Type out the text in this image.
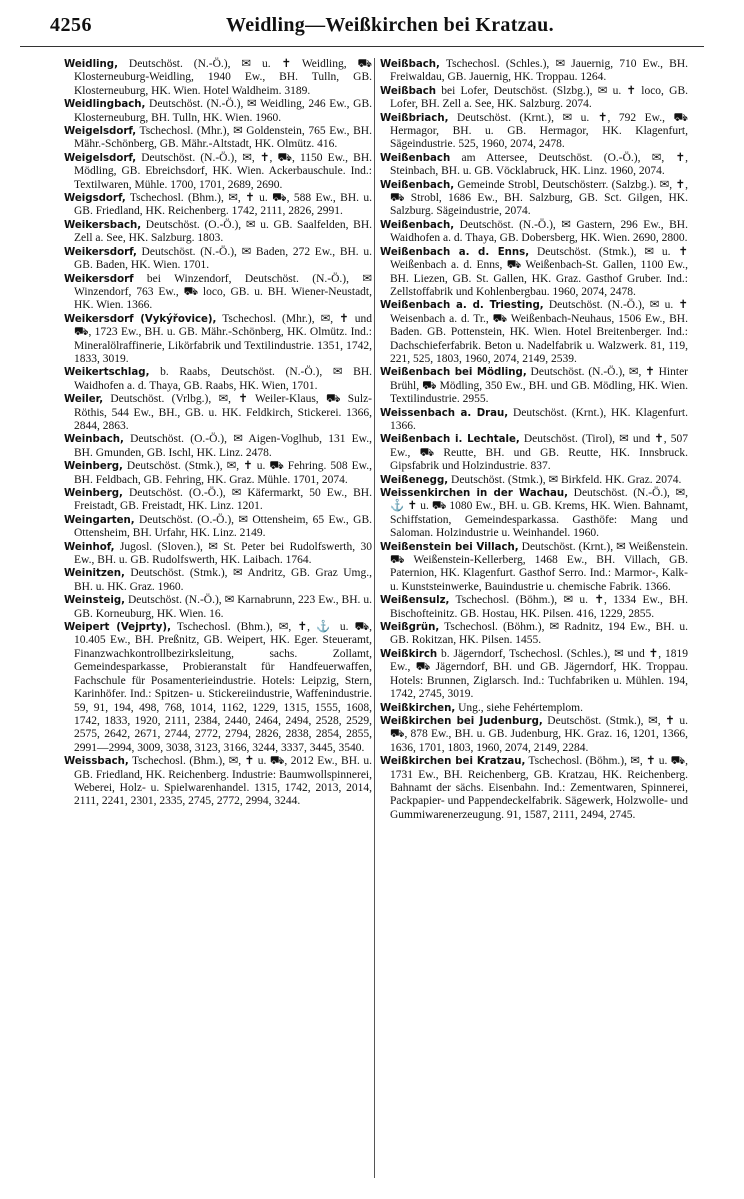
4256	Weidling—Weißkirchen bei Kratzau.

Weidling, Deutschöst. (N.-Ö.), ✉ u. ✝ Weidling, ⛟ Klosterneuburg-Weidling, 1940 Ew., BH. Tulln, GB. Klosterneuburg, HK. Wien. Hotel Waldheim. 3189.

Weidlingbach, Deutschöst. (N.-Ö.), ✉ Weidling, 246 Ew., GB. Klosterneuburg, BH. Tulln, HK. Wien. 1960.

Weigelsdorf, Tschechosl. (Mhr.), ✉ Goldenstein, 765 Ew., BH. Mähr.-Schönberg, GB. Mähr.-Altstadt, HK. Olmütz. 416.

Weigelsdorf, Deutschöst. (N.-Ö.), ✉, ✝, ⛟, 1150 Ew., BH. Mödling, GB. Ebreichsdorf, HK. Wien. Ackerbauschule. Ind.: Textilwaren, Mühle. 1700, 1701, 2689, 2690.

Weigsdorf, Tschechosl. (Bhm.), ✉, ✝ u. ⛟, 588 Ew., BH. u. GB. Friedland, HK. Reichenberg. 1742, 2111, 2826, 2991.

Weikersbach, Deutschöst. (O.-Ö.), ✉ u. GB. Saalfelden, BH. Zell a. See, HK. Salzburg. 1803.

Weikersdorf, Deutschöst. (N.-Ö.), ✉ Baden, 272 Ew., BH. u. GB. Baden, HK. Wien. 1701.

Weikersdorf bei Winzendorf, Deutschöst. (N.-Ö.), ✉ Winzendorf, 763 Ew., ⛟ loco, GB. u. BH. Wiener-Neustadt, HK. Wien. 1366.

Weikersdorf (Vykýřovice), Tschechosl. (Mhr.), ✉, ✝ und ⛟, 1723 Ew., BH. u. GB. Mähr.-Schönberg, HK. Olmütz. Ind.: Mineralölraffinerie, Likörfabrik und Textilindustrie. 1351, 1742, 1833, 3019.

Weikertschlag, b. Raabs, Deutschöst. (N.-Ö.), ✉ BH. Waidhofen a. d. Thaya, GB. Raabs, HK. Wien, 1701.

Weiler, Deutschöst. (Vrlbg.), ✉, ✝ Weiler-Klaus, ⛟ Sulz-Röthis, 544 Ew., BH., GB. u. HK. Feldkirch, Stickerei. 1366, 2844, 2863.

Weinbach, Deutschöst. (O.-Ö.), ✉ Aigen-Voglhub, 131 Ew., BH. Gmunden, GB. Ischl, HK. Linz. 2478.

Weinberg, Deutschöst. (Stmk.), ✉, ✝ u. ⛟ Fehring. 508 Ew., BH. Feldbach, GB. Fehring, HK. Graz. Mühle. 1701, 2074.

Weinberg, Deutschöst. (O.-Ö.), ✉ Käfermarkt, 50 Ew., BH. Freistadt, GB. Freistadt, HK. Linz. 1201.

Weingarten, Deutschöst. (O.-Ö.), ✉ Ottensheim, 65 Ew., GB. Ottensheim, BH. Urfahr, HK. Linz. 2149.

Weinhof, Jugosl. (Sloven.), ✉ St. Peter bei Rudolfswerth, 30 Ew., BH. u. GB. Rudolfswerth, HK. Laibach. 1764.

Weinitzen, Deutschöst. (Stmk.), ✉ Andritz, GB. Graz Umg., BH. u. HK. Graz. 1960.

Weinsteig, Deutschöst. (N.-Ö.), ✉ Karnabrunn, 223 Ew., BH. u. GB. Korneuburg, HK. Wien. 16.

Weipert (Vejprty), Tschechosl. (Bhm.), ✉, ✝, ⚓ u. ⛟, 10.405 Ew., BH. Preßnitz, GB. Weipert, HK. Eger. Steueramt, Finanzwachkontrollbezirksleitung, sachs. Zollamt, Gemeindesparkasse, Probieranstalt für Handfeuerwaffen, Fachschule für Posamenterieindustrie. Hotels: Leipzig, Stern, Karinhöfer. Ind.: Spitzen- u. Stickereiindustrie, Waffenindustrie. 59, 91, 194, 498, 768, 1014, 1162, 1229, 1315, 1555, 1608, 1742, 1833, 1920, 2111, 2384, 2440, 2464, 2494, 2528, 2529, 2575, 2642, 2671, 2744, 2772, 2794, 2826, 2838, 2854, 2855, 2991—2994, 3009, 3038, 3123, 3166, 3244, 3337, 3445, 3540.

Weissbach, Tschechosl. (Bhm.), ✉, ✝ u. ⛟, 2012 Ew., BH. u. GB. Friedland, HK. Reichenberg. Industrie: Baumwollspinnerei, Weberei, Holz- u. Spielwarenhandel. 1315, 1742, 2013, 2014, 2111, 2241, 2301, 2335, 2745, 2772, 2994, 3244.

Weißbach, Tschechosl. (Schles.), ✉ Jauernig, 710 Ew., BH. Freiwaldau, GB. Jauernig, HK. Troppau. 1264.

Weißbach bei Lofer, Deutschöst. (Slzbg.), ✉ u. ✝ loco, GB. Lofer, BH. Zell a. See, HK. Salzburg. 2074.

Weißbriach, Deutschöst. (Krnt.), ✉ u. ✝, 792 Ew., ⛟ Hermagor, BH. u. GB. Hermagor, HK. Klagenfurt, Sägeindustrie. 525, 1960, 2074, 2478.

Weißenbach am Attersee, Deutschöst. (O.-Ö.), ✉, ✝, Steinbach, BH. u. GB. Vöcklabruck, HK. Linz. 1960, 2074.

Weißenbach, Gemeinde Strobl, Deutschösterr. (Salzbg.). ✉, ✝, ⛟ Strobl, 1686 Ew., BH. Salzburg, GB. Sct. Gilgen, HK. Salzburg. Sägeindustrie, 2074.

Weißenbach, Deutschöst. (N.-Ö.), ✉ Gastern, 296 Ew., BH. Waidhofen a. d. Thaya, GB. Dobersberg, HK. Wien. 2690, 2800.

Weißenbach a. d. Enns, Deutschöst. (Stmk.), ✉ u. ✝ Weißenbach a. d. Enns, ⛟ Weißenbach-St. Gallen, 1100 Ew., BH. Liezen, GB. St. Gallen, HK. Graz. Gasthof Gruber. Ind.: Zellstoffabrik und Kohlenbergbau. 1960, 2074, 2478.

Weißenbach a. d. Triesting, Deutschöst. (N.-Ö.), ✉ u. ✝ Weisenbach a. d. Tr., ⛟ Weißenbach-Neuhaus, 1506 Ew., BH. Baden. GB. Pottenstein, HK. Wien. Hotel Breitenberger. Ind.: Dachschieferfabrik. Beton u. Nadelfabrik u. Walzwerk. 81, 119, 221, 525, 1803, 1960, 2074, 2149, 2539.

Weißenbach bei Mödling, Deutschöst. (N.-Ö.), ✉, ✝ Hinter Brühl, ⛟ Mödling, 350 Ew., BH. und GB. Mödling, HK. Wien. Textilindustrie. 2955.

Weissenbach a. Drau, Deutschöst. (Krnt.), HK. Klagenfurt. 1366.

Weißenbach i. Lechtale, Deutschöst. (Tirol), ✉ und ✝, 507 Ew., ⛟ Reutte, BH. und GB. Reutte, HK. Innsbruck. Gipsfabrik und Holzindustrie. 837.

Weißenegg, Deutschöst. (Stmk.), ✉ Birkfeld. HK. Graz. 2074.

Weissenkirchen in der Wachau, Deutschöst. (N.-Ö.), ✉, ⚓ ✝ u. ⛟ 1080 Ew., BH. u. GB. Krems, HK. Wien. Bahnamt, Schiffstation, Gemeindesparkassa. Gasthöfe: Mang und Saloman. Holzindustrie u. Weinhandel. 1960.

Weißenstein bei Villach, Deutschöst. (Krnt.), ✉ Weißenstein. ⛟ Weißenstein-Kellerberg, 1468 Ew., BH. Villach, GB. Paternion, HK. Klagenfurt. Gasthof Serro. Ind.: Marmor-, Kalk- u. Kunststeinwerke, Bauindustrie u. chemische Fabrik. 1366.

Weißensulz, Tschechosl. (Böhm.), ✉ u. ✝, 1334 Ew., BH. Bischofteinitz. GB. Hostau, HK. Pilsen. 416, 1229, 2855.

Weißgrün, Tschechosl. (Böhm.), ✉ Radnitz, 194 Ew., BH. u. GB. Rokitzan, HK. Pilsen. 1455.

Weißkirch b. Jägerndorf, Tschechosl. (Schles.), ✉ und ✝, 1819 Ew., ⛟ Jägerndorf, BH. und GB. Jägerndorf, HK. Troppau. Hotels: Brunnen, Ziglarsch. Ind.: Tuchfabriken u. Mühlen. 194, 1742, 2745, 3019.

Weißkirchen, Ung., siehe Fehértemplom.

Weißkirchen bei Judenburg, Deutschöst. (Stmk.), ✉, ✝ u. ⛟, 878 Ew., BH. u. GB. Judenburg, HK. Graz. 16, 1201, 1366, 1636, 1701, 1803, 1960, 2074, 2149, 2284.

Weißkirchen bei Kratzau, Tschechosl. (Böhm.), ✉, ✝ u. ⛟, 1731 Ew., BH. Reichenberg, GB. Kratzau, HK. Reichenberg. Bahnamt der sächs. Eisenbahn. Ind.: Zementwaren, Spinnerei, Packpapier- und Pappendeckelfabrik. Sägewerk, Holzwolle- und Gummiwarenerzeugung. 91, 1587, 2111, 2494, 2745.
